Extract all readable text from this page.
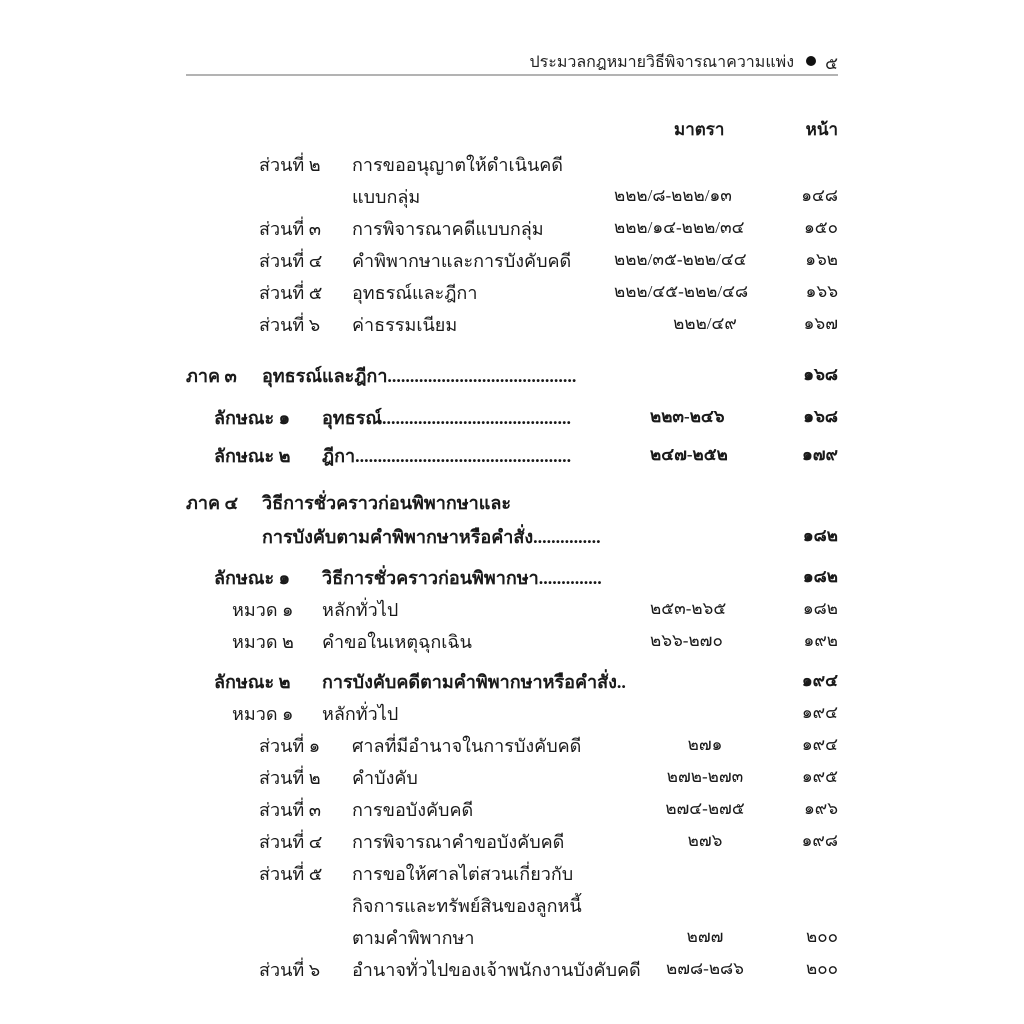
ประมวลกฎหมายวิธีพิจารณาความแพ่ง ๕
มาตรา	หน้า
ส่วนที่ ๒ การขออนุญาตให้ดำเนินคดี
แบบกลุ่ม	๒๒๒/๘-๒๒๒/๑๓	๑๔๘
ส่วนที่ ๓ การพิจารณาคดีแบบกลุ่ม	๒๒๒/๑๔-๒๒๒/๓๔	๑๕๐
ส่วนที่ ๔ คำพิพากษาและการบังคับคดี	๒๒๒/๓๕-๒๒๒/๔๔	๑๖๒
ส่วนที่ ๕ อุทธรณ์และฎีกา	๒๒๒/๔๕-๒๒๒/๔๘	๑๖๖
ส่วนที่ ๖ ค่าธรรมเนียม	๒๒๒/๔๙	๑๖๗
ภาค ๓ อุทธรณ์และฎีกา..........................................	๑๖๘
ลักษณะ ๑ อุทธรณ์..........................................	๒๒๓-๒๔๖	๑๖๘
ลักษณะ ๒ ฎีกา................................................	๒๔๗-๒๕๒	๑๗๙
ภาค ๔ วิธีการชั่วคราวก่อนพิพากษาและ
การบังคับตามคำพิพากษาหรือคำสั่ง...............	๑๘๒
ลักษณะ ๑ วิธีการชั่วคราวก่อนพิพากษา..............	๑๘๒
หมวด ๑ หลักทั่วไป	๒๕๓-๒๖๕	๑๘๒
หมวด ๒ คำขอในเหตุฉุกเฉิน	๒๖๖-๒๗๐	๑๙๒
ลักษณะ ๒ การบังคับคดีตามคำพิพากษาหรือคำสั่ง..	๑๙๔
หมวด ๑ หลักทั่วไป	๑๙๔
ส่วนที่ ๑ ศาลที่มีอำนาจในการบังคับคดี	๒๗๑	๑๙๔
ส่วนที่ ๒ คำบังคับ	๒๗๒-๒๗๓	๑๙๕
ส่วนที่ ๓ การขอบังคับคดี	๒๗๔-๒๗๕	๑๙๖
ส่วนที่ ๔ การพิจารณาคำขอบังคับคดี	๒๗๖	๑๙๘
ส่วนที่ ๕ การขอให้ศาลไต่สวนเกี่ยวกับ
กิจการและทรัพย์สินของลูกหนี้
ตามคำพิพากษา	๒๗๗	๒๐๐
ส่วนที่ ๖ อำนาจทั่วไปของเจ้าพนักงานบังคับคดี	๒๗๘-๒๘๖	๒๐๐
